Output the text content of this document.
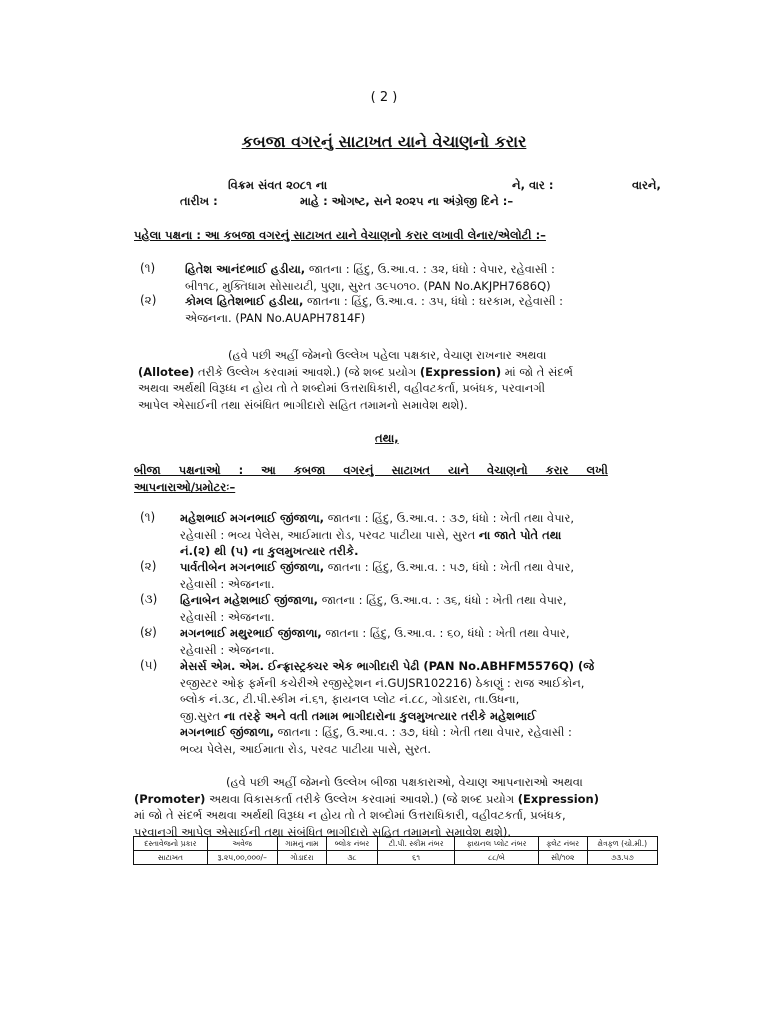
( 2 )
કબજા વગરનું સાટાખત યાને વેચાણનો કરાર
વિક્રમ સંવત ૨૦૮૧ ના	ને, વાર :	વારને,
તારીખ :	માહે : ઓગષ્ટ, સને ૨૦૨૫ ના અંગ્રેજી દિને :–
પહેલા પક્ષના : આ કબજા વગરનું સાટાખત યાને વેચાણનો કરાર લખાવી લેનાર/એલોટી :–
(૧)	હિતેશ આનંદભાઈ હડીયા, જાતના : હિંદુ, ઉ.આ.વ. : ૩૨, ધંધો : વેપાર, રહેવાસી :
બી૧૧૮, મુક્તિધામ સોસાયટી, પુણા, સુરત ૩૯૫૦૧૦. (PAN No.AKJPH7686Q)
(૨) કોમલ હિતેશભાઈ હડીયા, જાતના : હિંદુ, ઉ.આ.વ. : ૩૫, ધંધો : ઘરકામ, રહેવાસી :
એજનના. (PAN No.AUAPH7814F)
(હવે પછી અહીં જેમનો ઉલ્લેખ પહેલા પક્ષકાર, વેચાણ રાખનાર અથવા
(Allotee) તરીકે ઉલ્લેખ કરવામાં આવશે.) (જે શબ્દ પ્રયોગ (Expression) માં જો તે સંદર્ભ
અથવા અર્થથી વિરૂધ્ધ ન હોય તો તે શબ્દોમાં ઉત્તરાધિકારી, વહીવટકર્તા, પ્રબંધક, પરવાનગી
આપેલ એસાઈની તથા સંબંધિત ભાગીદારો સહિત તમામનો સમાવેશ થશે).
તથા,
બીજા પક્ષનાઓ : આ કબજા વગરનું સાટાખત યાને વેચાણનો કરાર લખી
આપનારાઓ/પ્રમોટરઃ–
(૧) મહેશભાઈ મગનભાઈ જીંજાળા, જાતના : હિંદુ, ઉ.આ.વ. : ૩૭, ધંધો : ખેતી તથા વેપાર,
રહેવાસી : ભવ્ય પેલેસ, આઈમાતા રોડ, પરવટ પાટીયા પાસે, સુરત ના જાતે પોતે તથા
નં.(૨) થી (૫) ના કુલમુખત્યાર તરીકે.
(૨) પાર્વતીબેન મગનભાઈ જીંજાળા, જાતના : હિંદુ, ઉ.આ.વ. : ૫૭, ધંધો : ખેતી તથા વેપાર,
રહેવાસી : એજનના.
(૩) હિનાબેન મહેશભાઈ જીંજાળા, જાતના : હિંદુ, ઉ.આ.વ. : ૩૬, ધંધો : ખેતી તથા વેપાર,
રહેવાસી : એજનના.
(૪) મગનભાઈ મથુરભાઈ જીંજાળા, જાતના : હિંદુ, ઉ.આ.વ. : ૬૦, ધંધો : ખેતી તથા વેપાર,
રહેવાસી : એજનના.
(૫) મેસર્સ એમ. એમ. ઈન્ફ્રાસ્ટ્રક્ચર એક ભાગીદારી પેઢી (PAN No.ABHFM5576Q) (જે
રજીસ્ટર ઓફ ફર્મની કચેરીએ રજીસ્ટ્રેશન નં.GUJSR102216) ઠેકાણું : રાજ આઈકોન,
બ્લોક નં.૩૮, ટી.પી.સ્કીમ નં.૬૧, ફાયનલ પ્લોટ નં.૮૮, ગોડાદરા, તા.ઉધના,
જી.સુરત ના તરફે અને વતી તમામ ભાગીદારોના કુલમુખત્યાર તરીકે મહેશભાઈ
મગનભાઈ જીંજાળા, જાતના : હિંદુ, ઉ.આ.વ. : ૩૭, ધંધો : ખેતી તથા વેપાર, રહેવાસી :
ભવ્ય પેલેસ, આઈમાતા રોડ, પરવટ પાટીયા પાસે, સુરત.
(હવે પછી અહીં જેમનો ઉલ્લેખ બીજા પક્ષકારાઓ, વેચાણ આપનારાઓ અથવા
(Promoter) અથવા વિકાસકર્તા તરીકે ઉલ્લેખ કરવામાં આવશે.) (જે શબ્દ પ્રયોગ (Expression)
માં જો તે સંદર્ભ અથવા અર્થથી વિરૂધ્ધ ન હોય તો તે શબ્દોમાં ઉત્તરાધિકારી, વહીવટકર્તા, પ્રબંધક,
પરવાનગી આપેલ એસાઈની તથા સંબંધિત ભાગીદારો સહિત તમામનો સમાવેશ થશે).
દસ્તાવેજનો પ્રકાર	અવેજ	ગામનું નામ	બ્લોક નંબર	ટી.પી. સ્કીમ નંબર	ફાયનલ પ્લોટ નંબર	ફ્લેટ નંબર	ક્ષેત્રફળ (ચો.મી.)
સાટાખત	રૂ.૨૫,૦૦,૦૦૦/–	ગોડાદરા	૩૮	૬૧	૮૮/બે	સી/૧૦૨	૭૩.૫૭
